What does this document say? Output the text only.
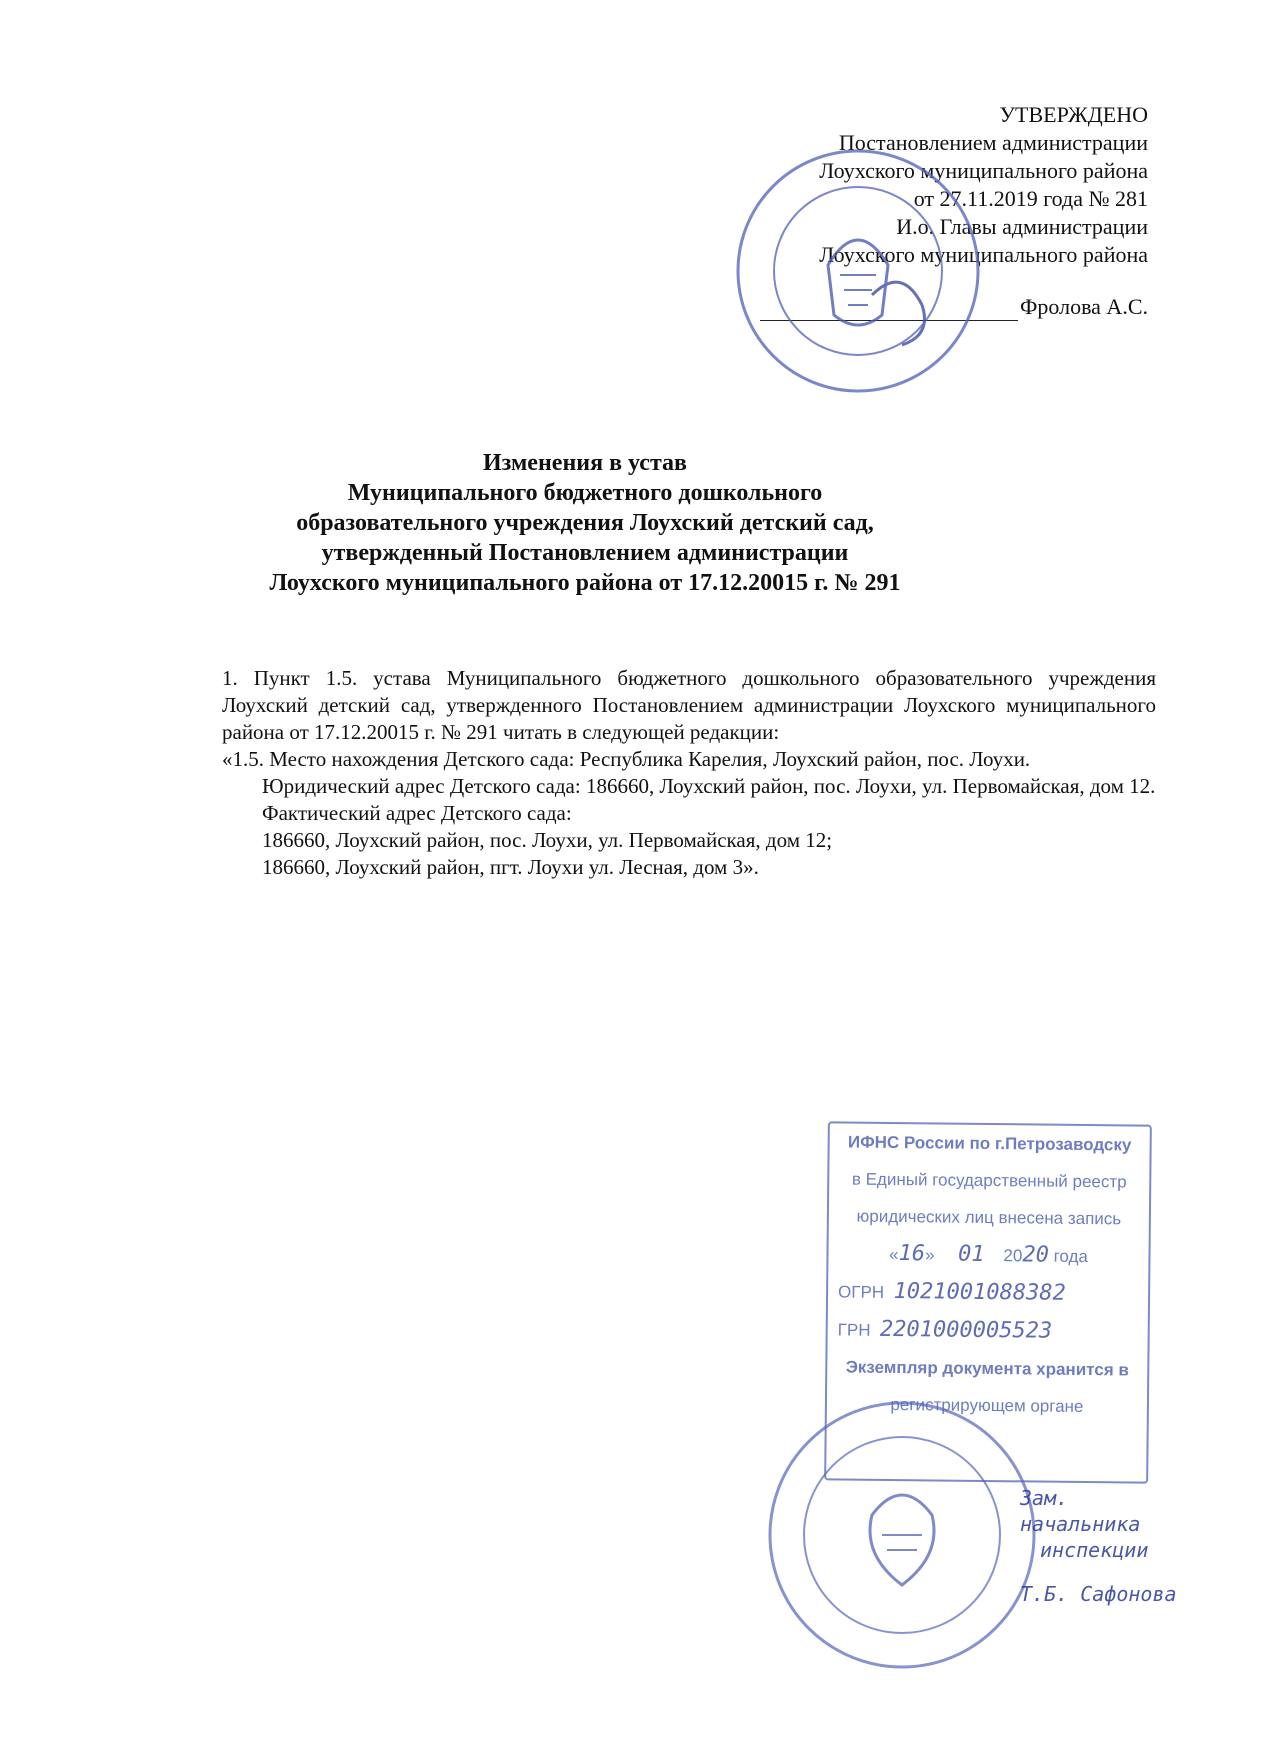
УТВЕРЖДЕНО
Постановлением администрации
Лоухского муниципального района
от 27.11.2019 года № 281
И.о. Главы администрации
Лоухского муниципального района
Фролова А.С.
Изменения в устав
Муниципального бюджетного дошкольного
образовательного учреждения Лоухский детский сад,
утвержденный Постановлением администрации
Лоухского муниципального района от 17.12.20015 г. № 291

1. Пункт 1.5. устава Муниципального бюджетного дошкольного образовательного учреждения Лоухский детский сад, утвержденного Постановлением администрации Лоухского муниципального района от 17.12.20015 г. № 291 читать в следующей редакции:

«1.5. Место нахождения Детского сада: Республика Карелия, Лоухский район, пос. Лоухи.

Юридический адрес Детского сада: 186660, Лоухский район, пос. Лоухи, ул. Первомайская, дом 12.

Фактический адрес Детского сада:

186660, Лоухский район, пос. Лоухи, ул. Первомайская, дом 12;

186660, Лоухский район, пгт. Лоухи ул. Лесная, дом 3».

ИФНС России по г.Петрозаводску
в Единый государственный реестр
юридических лиц внесена запись
«16»     01 2020 года
ОГРН 1021001088382
ГРН 2201000005523
Экземпляр документа хранится в
регистрирующем органе
Зам. начальника
инспекции
Т.Б. Сафонова
